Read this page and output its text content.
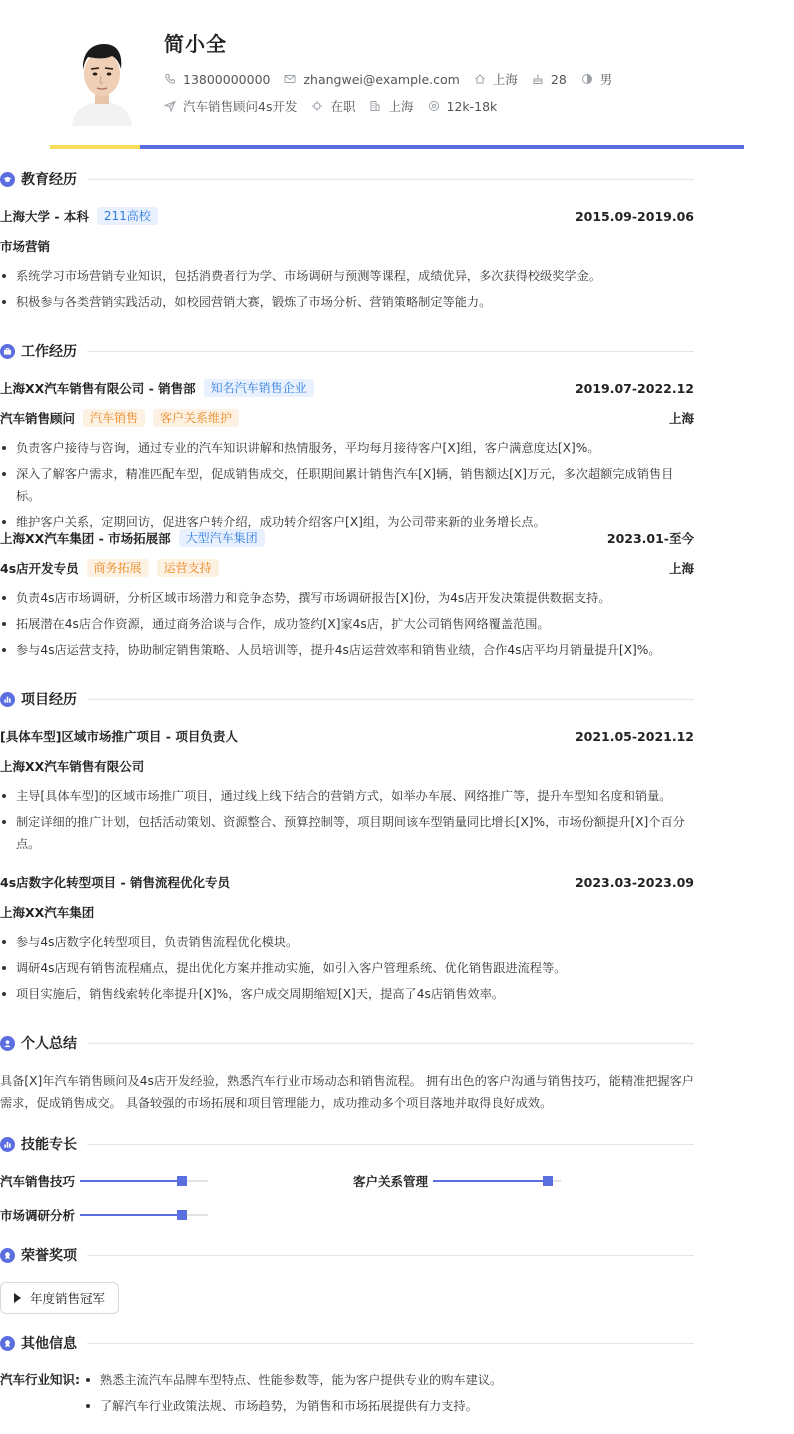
简小全
13800000000	zhangwei@example.com	上海	28	男
汽车销售顾问4s开发	在职	上海	12k-18k
教育经历
上海大学 - 本科	211高校	2015.09-2019.06
市场营销
系统学习市场营销专业知识，包括消费者行为学、市场调研与预测等课程，成绩优异，多次获得校级奖学金。
积极参与各类营销实践活动，如校园营销大赛，锻炼了市场分析、营销策略制定等能力。
工作经历
上海XX汽车销售有限公司 - 销售部	知名汽车销售企业	2019.07-2022.12
汽车销售顾问	汽车销售	客户关系维护	上海
负责客户接待与咨询，通过专业的汽车知识讲解和热情服务，平均每月接待客户[X]组，客户满意度达[X]%。
深入了解客户需求，精准匹配车型，促成销售成交，任职期间累计销售汽车[X]辆，销售额达[X]万元，多次超额完成销售目标。
维护客户关系，定期回访，促进客户转介绍，成功转介绍客户[X]组，为公司带来新的业务增长点。
上海XX汽车集团 - 市场拓展部	大型汽车集团	2023.01-至今
4s店开发专员	商务拓展	运营支持	上海
负责4s店市场调研，分析区域市场潜力和竞争态势，撰写市场调研报告[X]份，为4s店开发决策提供数据支持。
拓展潜在4s店合作资源，通过商务洽谈与合作，成功签约[X]家4s店，扩大公司销售网络覆盖范围。
参与4s店运营支持，协助制定销售策略、人员培训等，提升4s店运营效率和销售业绩，合作4s店平均月销量提升[X]%。
项目经历
[具体车型]区域市场推广项目 - 项目负责人	2021.05-2021.12
上海XX汽车销售有限公司
主导[具体车型]的区域市场推广项目，通过线上线下结合的营销方式，如举办车展、网络推广等，提升车型知名度和销量。
制定详细的推广计划，包括活动策划、资源整合、预算控制等，项目期间该车型销量同比增长[X]%，市场份额提升[X]个百分点。
4s店数字化转型项目 - 销售流程优化专员	2023.03-2023.09
上海XX汽车集团
参与4s店数字化转型项目，负责销售流程优化模块。
调研4s店现有销售流程痛点，提出优化方案并推动实施，如引入客户管理系统、优化销售跟进流程等。
项目实施后，销售线索转化率提升[X]%，客户成交周期缩短[X]天，提高了4s店销售效率。
个人总结
具备[X]年汽车销售顾问及4s店开发经验，熟悉汽车行业市场动态和销售流程。 拥有出色的客户沟通与销售技巧，能精准把握客户需求，促成销售成交。 具备较强的市场拓展和项目管理能力，成功推动多个项目落地并取得良好成效。
技能专长
汽车销售技巧	客户关系管理
市场调研分析
荣誉奖项
年度销售冠军
其他信息
汽车行业知识:	熟悉主流汽车品牌车型特点、性能参数等，能为客户提供专业的购车建议。
了解汽车行业政策法规、市场趋势，为销售和市场拓展提供有力支持。
